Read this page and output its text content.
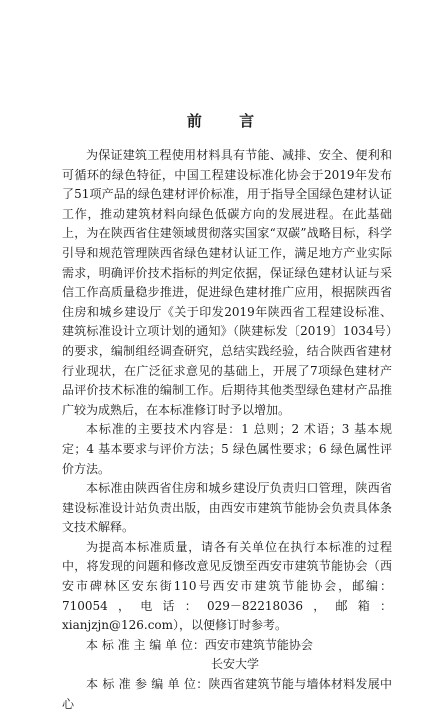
前 言

为保证建筑工程使用材料具有节能、减排、安全、便利和可循环的绿色特征，中国工程建设标准化协会于2019年发布了51项产品的绿色建材评价标准，用于指导全国绿色建材认证工作，推动建筑材料向绿色低碳方向的发展进程。在此基础上，为在陕西省住建领域贯彻落实国家“双碳”战略目标，科学引导和规范管理陕西省绿色建材认证工作，满足地方产业实际需求，明确评价技术指标的判定依据，保证绿色建材认证与采信工作高质量稳步推进，促进绿色建材推广应用，根据陕西省住房和城乡建设厅《关于印发2019年陕西省工程建设标准、建筑标准设计立项计划的通知》（陕建标发〔2019〕1034号）的要求，编制组经调查研究，总结实践经验，结合陕西省建材行业现状，在广泛征求意见的基础上，开展了7项绿色建材产品评价技术标准的编制工作。后期待其他类型绿色建材产品推广较为成熟后，在本标准修订时予以增加。

本标准的主要技术内容是：1 总则；2 术语；3 基本规定；4 基本要求与评价方法；5 绿色属性要求；6 绿色属性评价方法。

本标准由陕西省住房和城乡建设厅负责归口管理，陕西省建设标准设计站负责出版，由西安市建筑节能协会负责具体条文技术解释。

为提高本标准质量，请各有关单位在执行本标准的过程中，将发现的问题和修改意见反馈至西安市建筑节能协会（西安市碑林区安东街110号西安市建筑节能协会，邮编：710054，电话：029－82218036，邮箱：xianjzjn@126.com），以便修订时参考。

本 标 准 主 编 单 位：西安市建筑节能协会

长安大学

本 标 准 参 编 单 位：陕西省建筑节能与墙体材料发展中心
